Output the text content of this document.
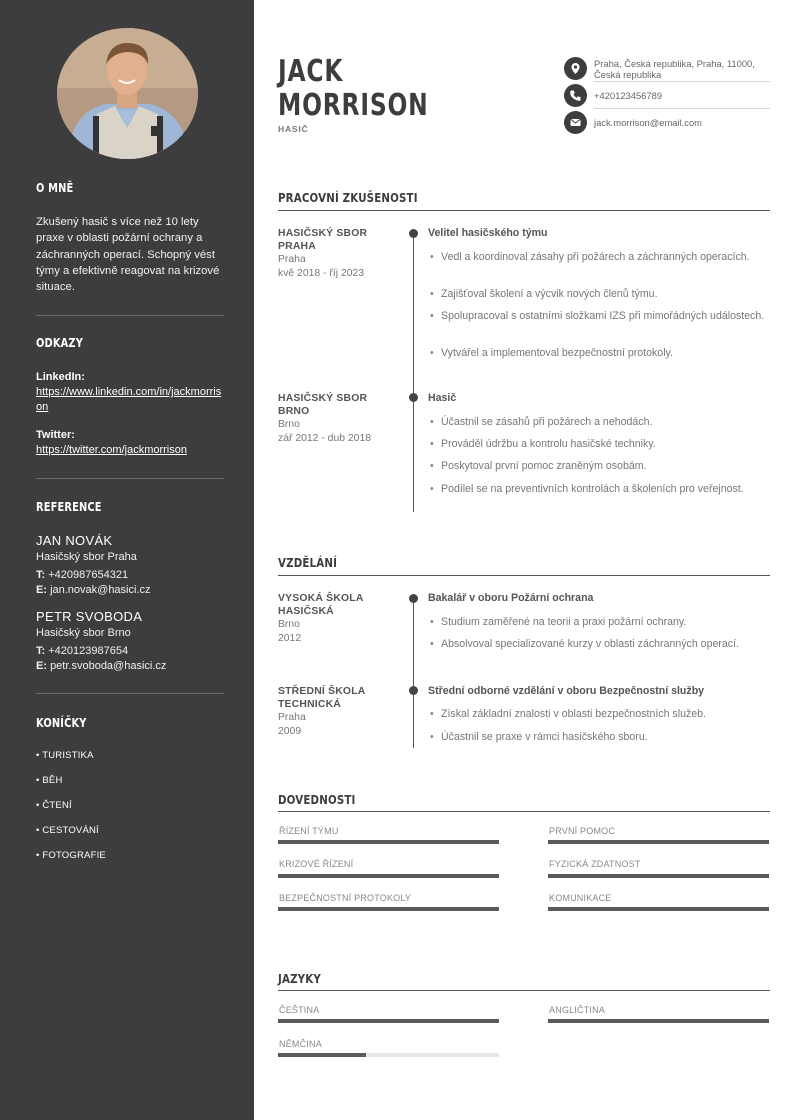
O MNĚ
Zkušený hasič s více než 10 lety praxe v oblasti požární ochrany a záchranných operací. Schopný vést týmy a efektivně reagovat na krizové situace.
ODKAZY
LinkedIn:
https://www.linkedin.com/in/jackmorrison
Twitter:
https://twitter.com/jackmorrison
REFERENCE
JAN NOVÁK
Hasičský sbor Praha
T: +420987654321
E: jan.novak@hasici.cz
PETR SVOBODA
Hasičský sbor Brno
T: +420123987654
E: petr.svoboda@hasici.cz
KONÍČKY
• TURISTIKA
• BĚH
• ČTENÍ
• CESTOVÁNÍ
• FOTOGRAFIE
JACK
MORRISON
HASIČ
Praha, Česká republika, Praha, 11000, Česká republika
+420123456789
jack.morrison@email.com
PRACOVNÍ ZKUŠENOSTI
HASIČSKÝ SBOR PRAHA
Praha
kvě 2018 - říj 2023
Velitel hasičského týmu
• Vedl a koordinoval zásahy při požárech a záchranných operacích.
• Zajišťoval školení a výcvik nových členů týmu.
• Spolupracoval s ostatními složkami IZS při mimořádných událostech.
• Vytvářel a implementoval bezpečnostní protokoly.
HASIČSKÝ SBOR BRNO
Brno
zář 2012 - dub 2018
Hasič
• Účastnil se zásahů při požárech a nehodách.
• Prováděl údržbu a kontrolu hasičské techniky.
• Poskytoval první pomoc zraněným osobám.
• Podílel se na preventivních kontrolách a školeních pro veřejnost.
VZDĚLÁNÍ
VYSOKÁ ŠKOLA HASIČSKÁ
Brno
2012
Bakalář v oboru Požární ochrana
• Studium zaměřené na teorii a praxi požární ochrany.
• Absolvoval specializované kurzy v oblasti záchranných operací.
STŘEDNÍ ŠKOLA TECHNICKÁ
Praha
2009
Střední odborné vzdělání v oboru Bezpečnostní služby
• Získal základní znalosti v oblasti bezpečnostních služeb.
• Účastnil se praxe v rámci hasičského sboru.
DOVEDNOSTI
ŘÍZENÍ TÝMU	PRVNÍ POMOC
KRIZOVÉ ŘÍZENÍ	FYZICKÁ ZDATNOST
BEZPEČNOSTNÍ PROTOKOLY	KOMUNIKACE
JAZYKY
ČEŠTINA	ANGLIČTINA
NĚMČINA
